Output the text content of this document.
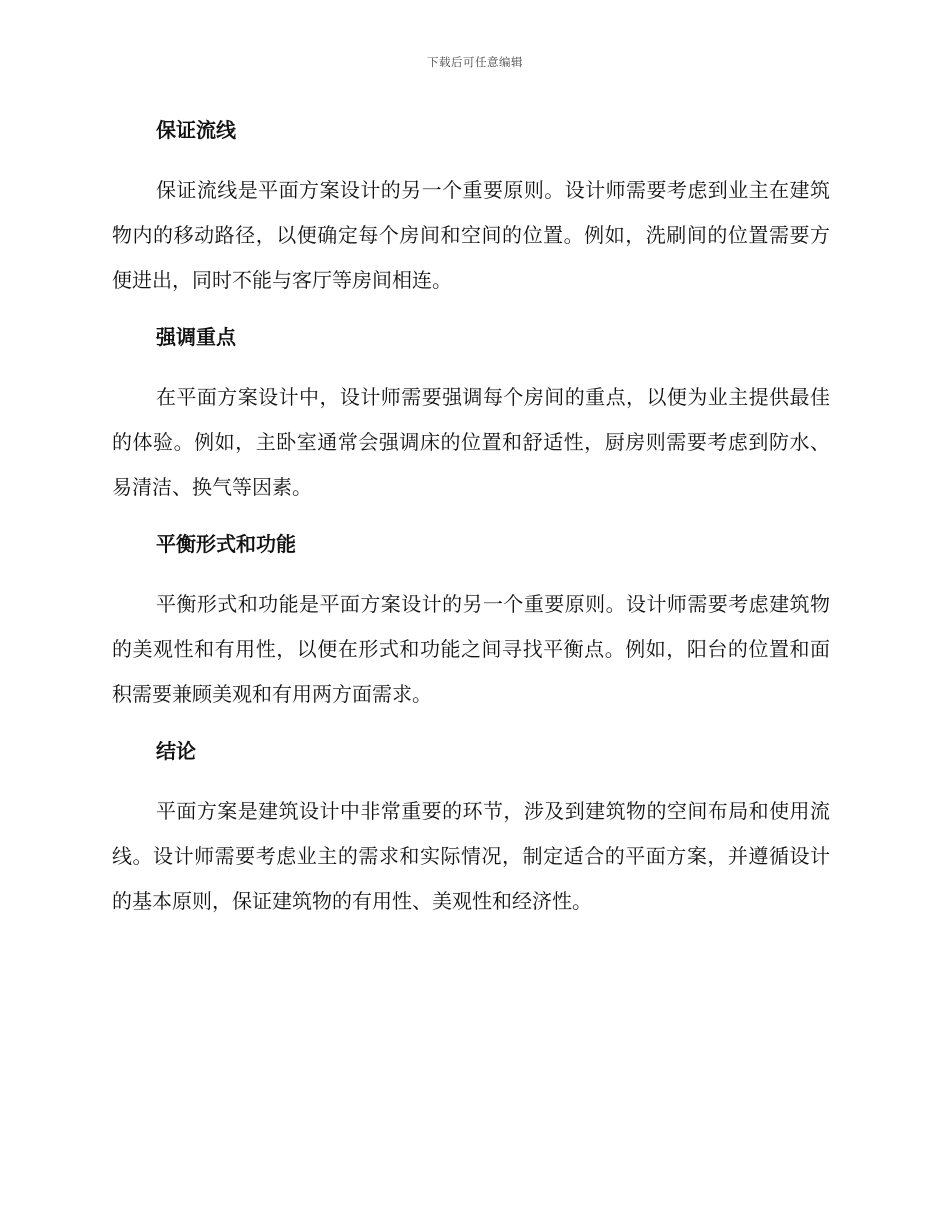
下载后可任意编辑
保证流线

保证流线是平面方案设计的另一个重要原则。设计师需要考虑到业主在建筑物内的移动路径，以便确定每个房间和空间的位置。例如，洗刷间的位置需要方便进出，同时不能与客厅等房间相连。

强调重点

在平面方案设计中，设计师需要强调每个房间的重点，以便为业主提供最佳的体验。例如，主卧室通常会强调床的位置和舒适性，厨房则需要考虑到防水、易清洁、换气等因素。

平衡形式和功能

平衡形式和功能是平面方案设计的另一个重要原则。设计师需要考虑建筑物的美观性和有用性，以便在形式和功能之间寻找平衡点。例如，阳台的位置和面积需要兼顾美观和有用两方面需求。

结论

平面方案是建筑设计中非常重要的环节，涉及到建筑物的空间布局和使用流线。设计师需要考虑业主的需求和实际情况，制定适合的平面方案，并遵循设计的基本原则，保证建筑物的有用性、美观性和经济性。
